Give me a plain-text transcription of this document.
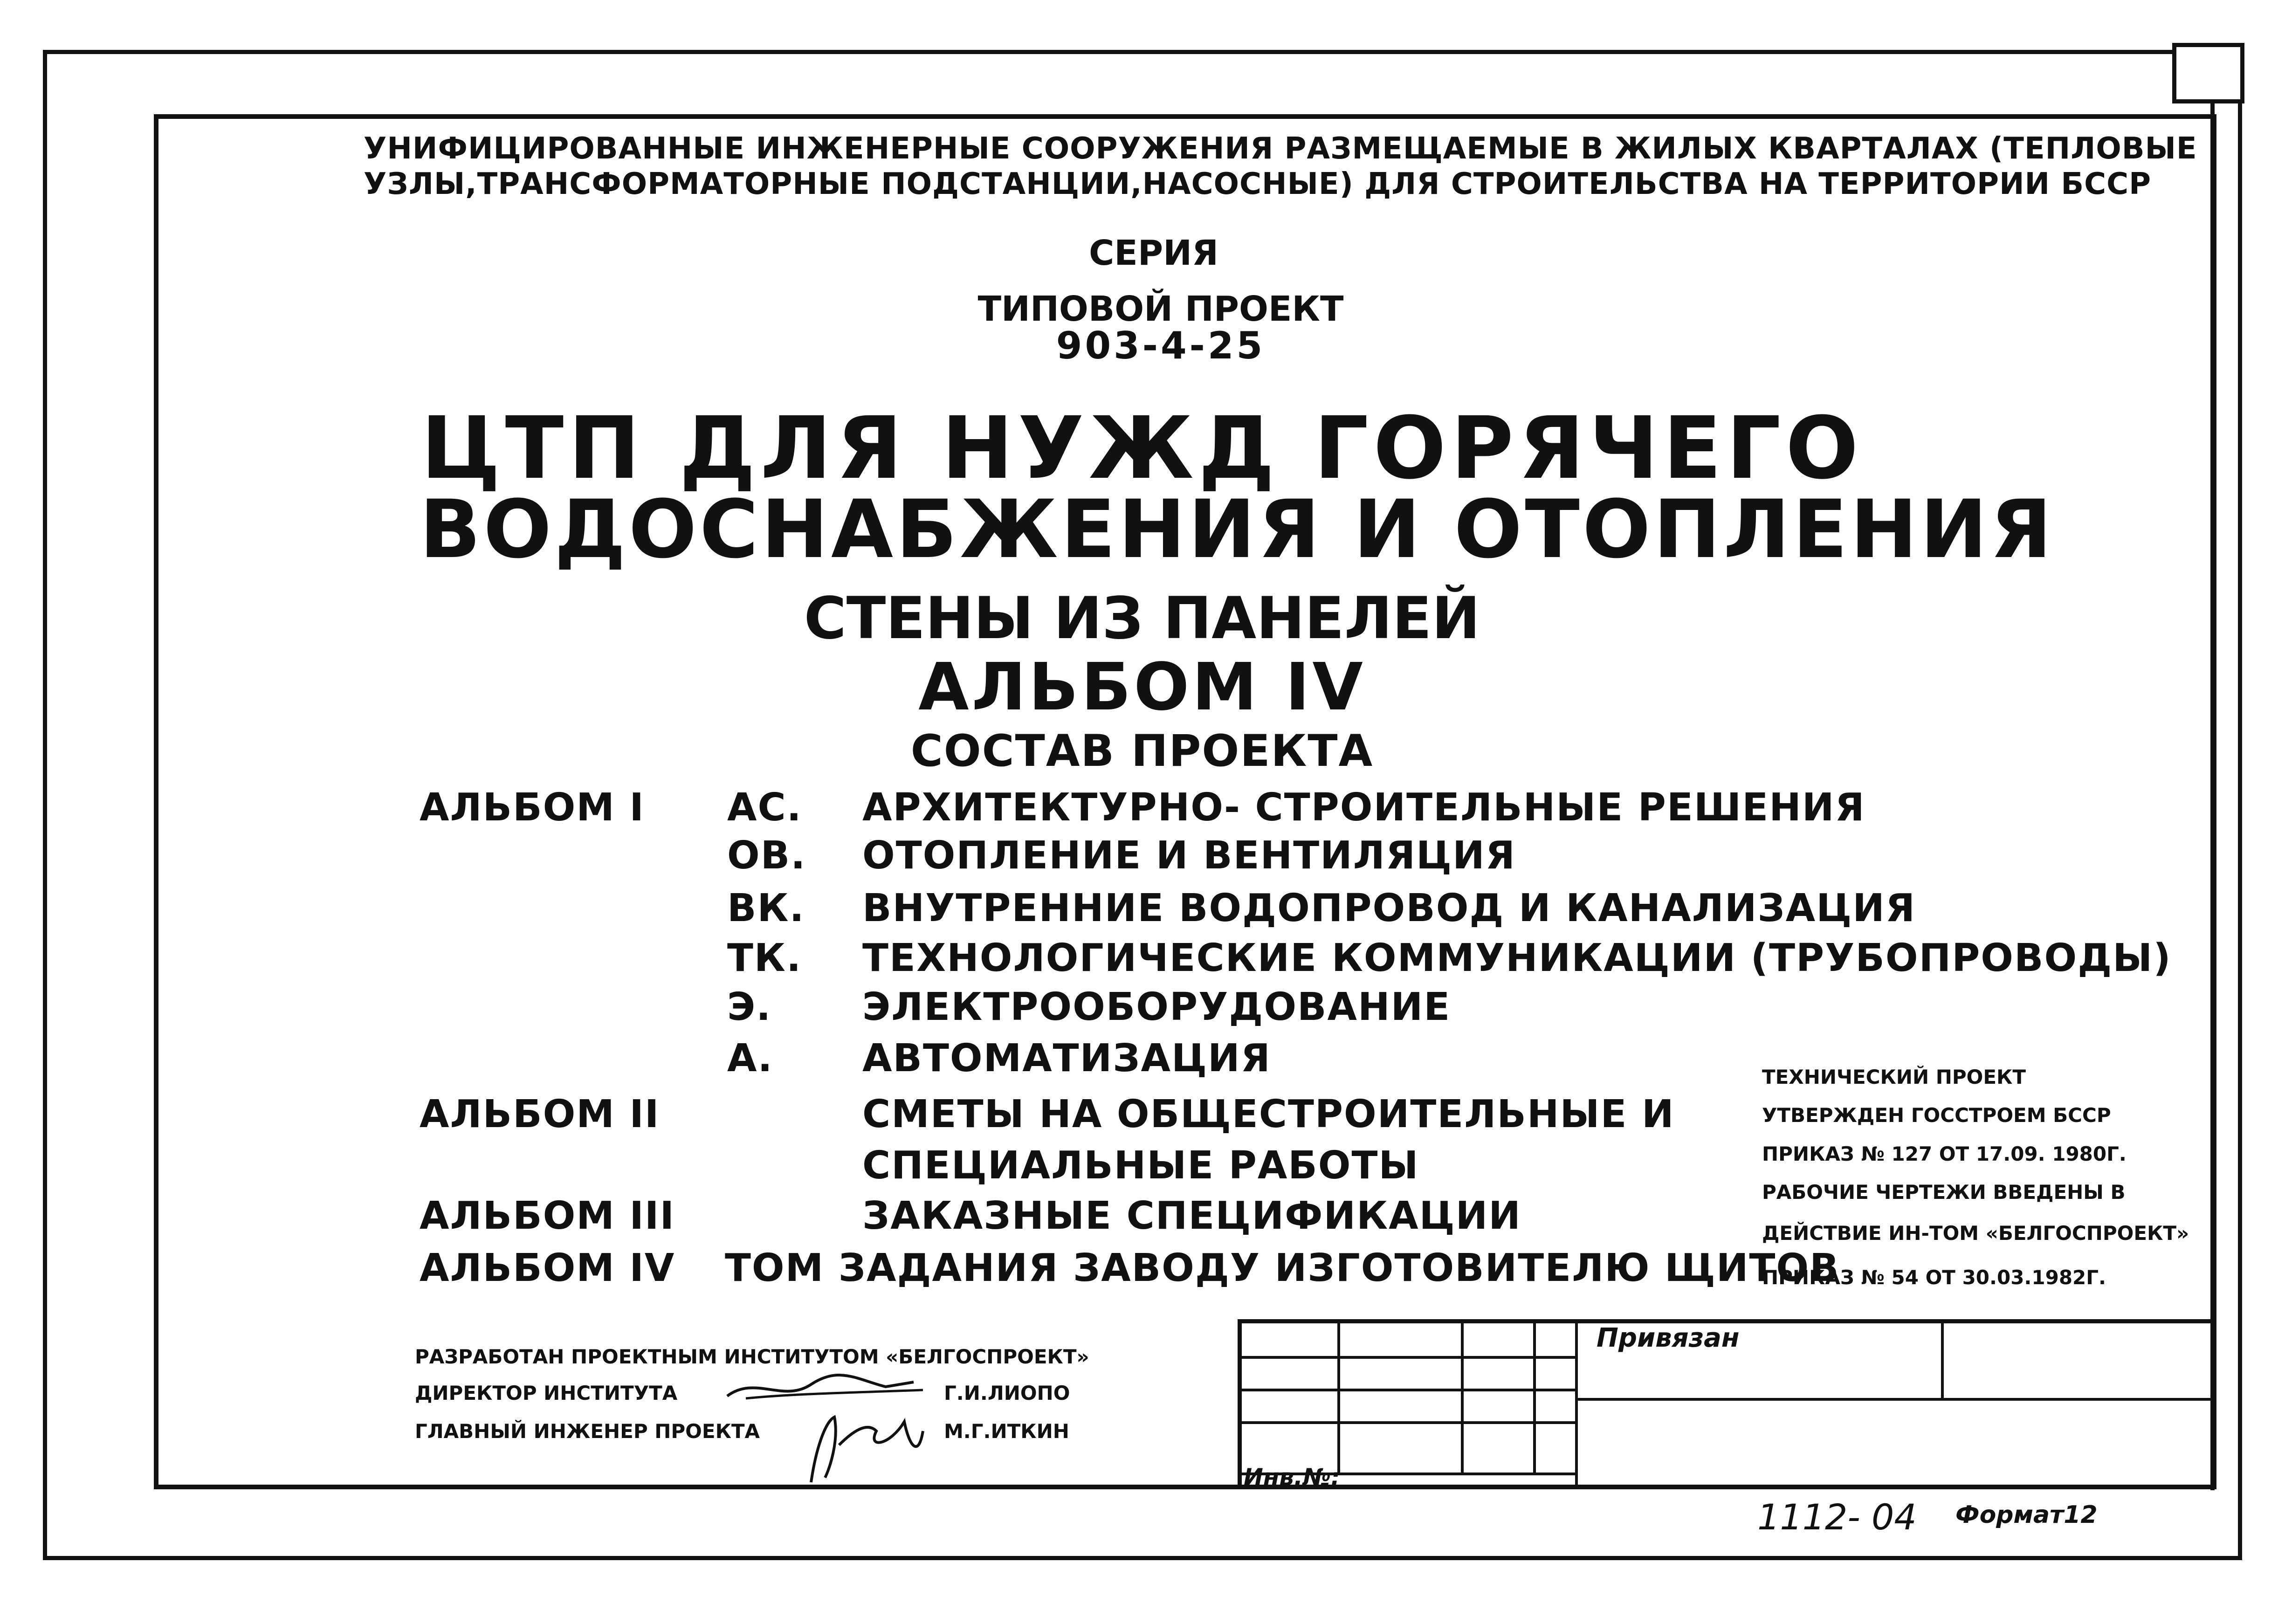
УНИФИЦИРОВАННЫЕ ИНЖЕНЕРНЫЕ СООРУЖЕНИЯ РАЗМЕЩАЕМЫЕ В ЖИЛЫХ КВАРТАЛАХ (ТЕПЛОВЫЕ
УЗЛЫ,ТРАНСФОРМАТОРНЫЕ ПОДСТАНЦИИ,НАСОСНЫЕ) ДЛЯ СТРОИТЕЛЬСТВА НА ТЕРРИТОРИИ БССР
СЕРИЯ
ТИПОВОЙ ПРОЕКТ
903-4-25
ЦТП ДЛЯ НУЖД ГОРЯЧЕГО
ВОДОСНАБЖЕНИЯ И ОТОПЛЕНИЯ
СТЕНЫ ИЗ ПАНЕЛЕЙ
АЛЬБОМ IV
СОСТАВ ПРОЕКТА
АЛЬБОМ I АС. АРХИТЕКТУРНО- СТРОИТЕЛЬНЫЕ РЕШЕНИЯ
ОВ. ОТОПЛЕНИЕ И ВЕНТИЛЯЦИЯ
ВК. ВНУТРЕННИЕ ВОДОПРОВОД И КАНАЛИЗАЦИЯ
ТК. ТЕХНОЛОГИЧЕСКИЕ КОММУНИКАЦИИ (ТРУБОПРОВОДЫ)
Э. ЭЛЕКТРООБОРУДОВАНИЕ
А. АВТОМАТИЗАЦИЯ
АЛЬБОМ II	СМЕТЫ НА ОБЩЕСТРОИТЕЛЬНЫЕ И
СПЕЦИАЛЬНЫЕ РАБОТЫ
АЛЬБОМ III	ЗАКАЗНЫЕ СПЕЦИФИКАЦИИ
АЛЬБОМ IV ТОМ ЗАДАНИЯ ЗАВОДУ ИЗГОТОВИТЕЛЮ ЩИТОВ
ТЕХНИЧЕСКИЙ ПРОЕКТ
УТВЕРЖДЕН ГОССТРОЕМ БССР
ПРИКАЗ № 127 ОТ 17.09. 1980Г.
РАБОЧИЕ ЧЕРТЕЖИ ВВЕДЕНЫ В
ДЕЙСТВИЕ ИН-ТОМ «БЕЛГОСПРОЕКТ»
ПРИКАЗ № 54 ОТ 30.03.1982Г.
РАЗРАБОТАН ПРОЕКТНЫМ ИНСТИТУТОМ «БЕЛГОСПРОЕКТ»
ДИРЕКТОР ИНСТИТУТА	Г.И.ЛИОПО
ГЛАВНЫЙ ИНЖЕНЕР ПРОЕКТА	М.Г.ИТКИН
Привязан
Инв.№:
1112- 04 Формат12
